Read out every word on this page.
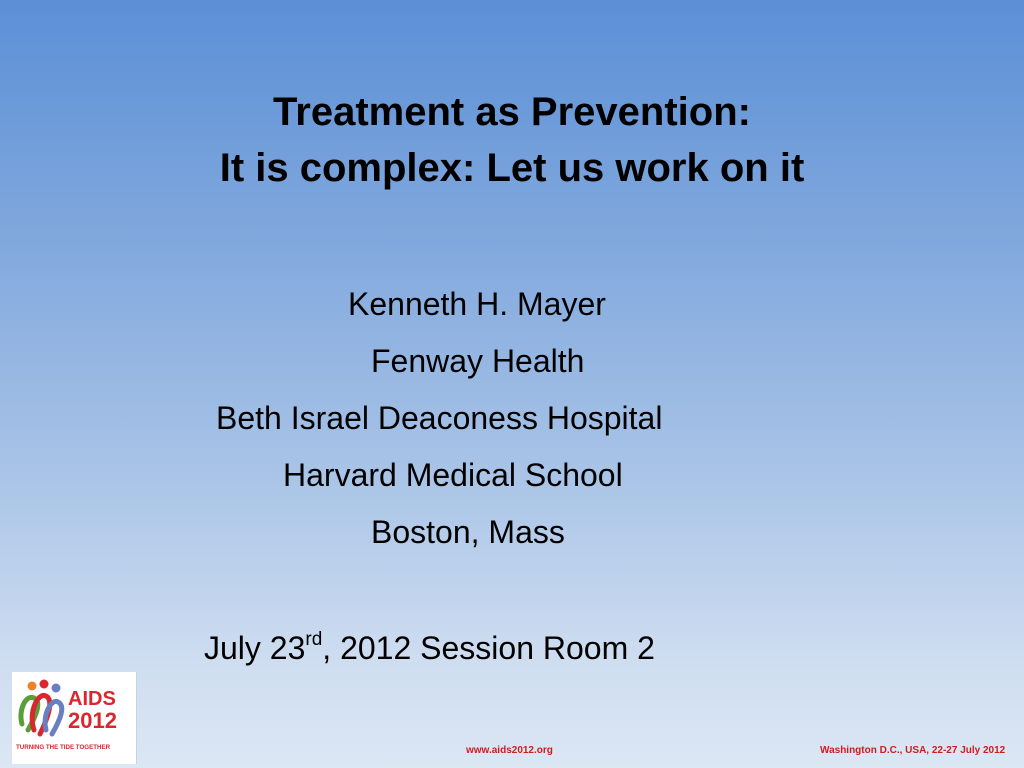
Treatment as Prevention:
It is complex: Let us work on it
Kenneth H. Mayer
Fenway Health
Beth Israel Deaconess Hospital
Harvard Medical School
Boston, Mass
July 23rd, 2012 Session Room 2
AIDS
2012
TURNING THE TIDE TOGETHER	www.aids2012.org	Washington D.C., USA, 22-27 July 2012
